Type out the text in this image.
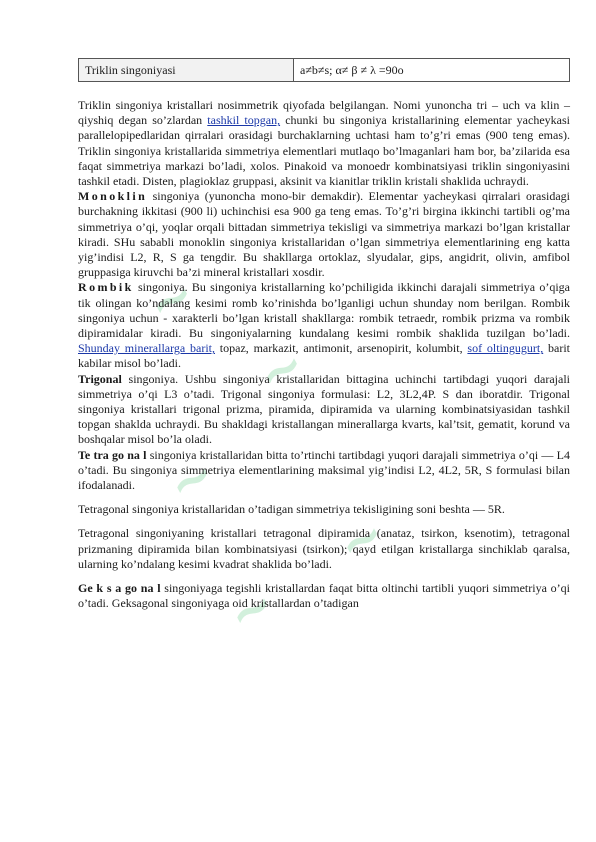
~
~
~
~
~
Triklin singoniyasi	a≠b≠s; α≠ β ≠ λ =90o

Triklin singoniya kristallari nosimmetrik qiyofada belgilangan. Nomi yunoncha tri – uch va klin – qiyshiq degan so’zlardan tashkil topgan, chunki bu singoniya kristallarining elementar yacheykasi parallelopipedlaridan qirralari orasidagi burchaklarning uchtasi ham to’g’ri emas (900 teng emas). Triklin singoniya kristallarida simmetriya elementlari mutlaqo bo’lmaganlari ham bor, ba’zilarida esa faqat simmetriya markazi bo’ladi, xolos. Pinakoid va monoedr kombinatsiyasi triklin singoniyasini tashkil etadi. Disten, plagioklaz gruppasi, aksinit va kianitlar triklin kristali shaklida uchraydi.

Monoklin singoniya (yunoncha mono-bir demakdir). Elementar yacheykasi qirralari orasidagi burchakning ikkitasi (900 li) uchinchisi esa 900 ga teng emas. To’g’ri birgina ikkinchi tartibli og’ma simmetriya o’qi, yoqlar orqali bittadan simmetriya tekisligi va simmetriya markazi bo’lgan kristallar kiradi. SHu sababli monoklin singoniya kristallaridan o’lgan simmetriya elementlarining eng katta yig’indisi L2, R, S ga tengdir. Bu shakllarga ortoklaz, slyudalar, gips, angidrit, olivin, amfibol gruppasiga kiruvchi ba’zi mineral kristallari xosdir.

Rombik singoniya. Bu singoniya kristallarning ko’pchiligida ikkinchi darajali simmetriya o’qiga tik olingan ko’ndalang kesimi romb ko’rinishda bo’lganligi uchun shunday nom berilgan. Rombik singoniya uchun - xarakterli bo’lgan kristall shakllarga: rombik tetraedr, rombik prizma va rombik dipiramidalar kiradi. Bu singoniyalarning kundalang kesimi rombik shaklida tuzilgan bo’ladi. Shunday minerallarga barit, topaz, markazit, antimonit, arsenopirit, kolumbit, sof oltingugurt, barit kabilar misol bo’ladi.

Trigonal singoniya. Ushbu singoniya kristallaridan bittagina uchinchi tartibdagi yuqori darajali simmetriya o’qi L3 o’tadi. Trigonal singoniya formulasi: L2, 3L2,4P. S dan iboratdir. Trigonal singoniya kristallari trigonal prizma, piramida, dipiramida va ularning kombinatsiyasidan tashkil topgan shaklda uchraydi. Bu shakldagi kristallangan minerallarga kvarts, kal’tsit, gematit, korund va boshqalar misol bo’la oladi.

Te tra go na l singoniya kristallaridan bitta to’rtinchi tartibdagi yuqori darajali simmetriya o’qi — L4 o’tadi. Bu singoniya simmetriya elementlarining maksimal yig’indisi L2, 4L2, 5R, S formulasi bilan ifodalanadi.

Tetragonal singoniya kristallaridan o’tadigan simmetriya tekisligining soni beshta — 5R.

Tetragonal singoniyaning kristallari tetragonal dipiramida (anataz, tsirkon, ksenotim), tetragonal prizmaning dipiramida bilan kombinatsiyasi (tsirkon); qayd etilgan kristallarga sinchiklab qaralsa, ularning ko’ndalang kesimi kvadrat shaklida bo’ladi.

Ge k s a go na l singoniyaga tegishli kristallardan faqat bitta oltinchi tartibli yuqori simmetriya o’qi o’tadi. Geksagonal singoniyaga oid kristallardan o’tadigan
